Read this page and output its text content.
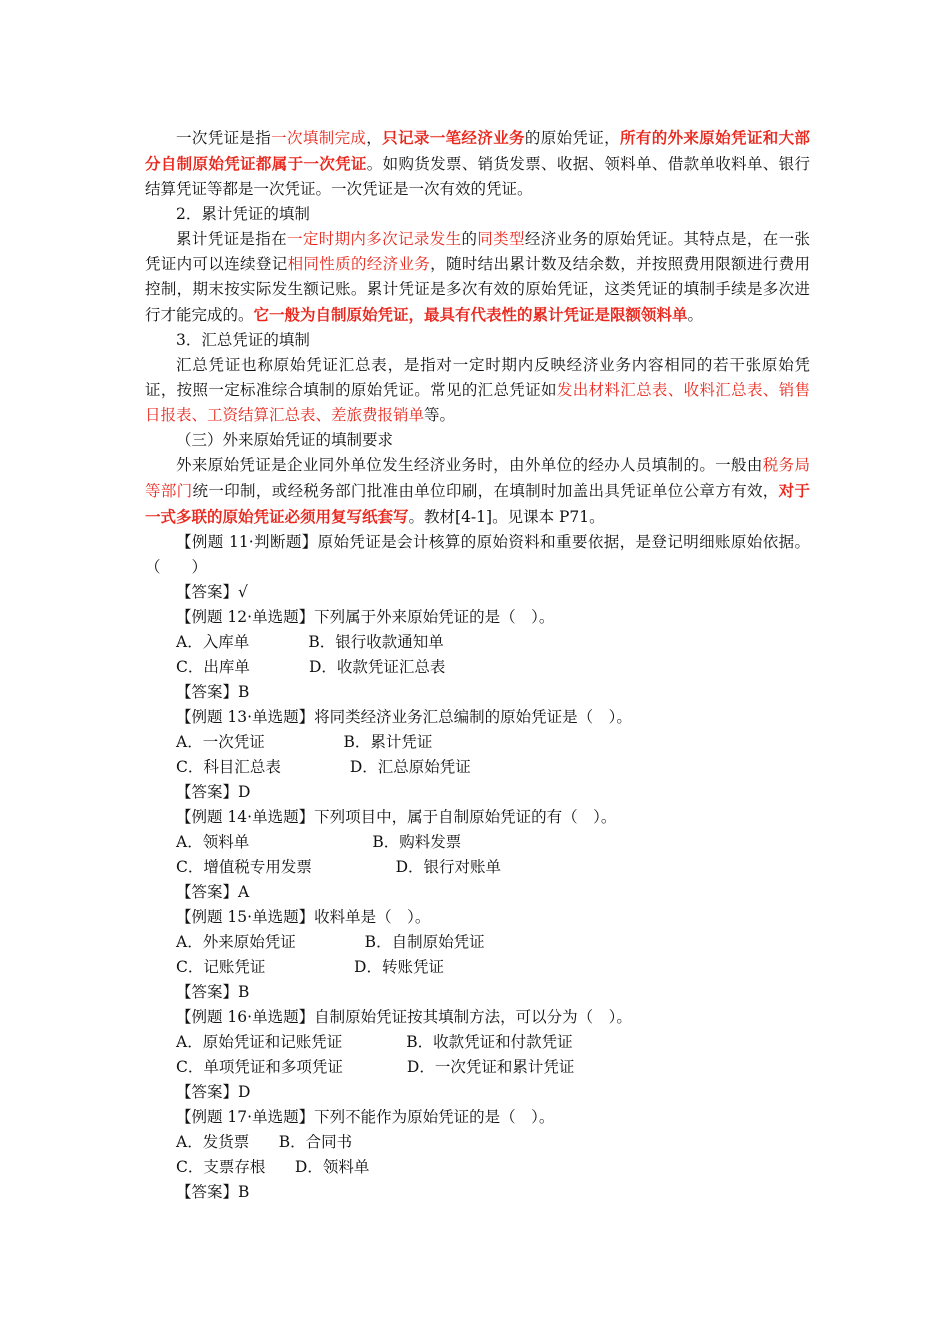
一次凭证是指一次填制完成，只记录一笔经济业务的原始凭证，所有的外来原始凭证和大部分自制原始凭证都属于一次凭证。如购货发票、销货发票、收据、领料单、借款单收料单、银行结算凭证等都是一次凭证。一次凭证是一次有效的凭证。

2．累计凭证的填制

累计凭证是指在一定时期内多次记录发生的同类型经济业务的原始凭证。其特点是，在一张凭证内可以连续登记相同性质的经济业务，随时结出累计数及结余数，并按照费用限额进行费用控制，期末按实际发生额记账。累计凭证是多次有效的原始凭证，这类凭证的填制手续是多次进行才能完成的。它一般为自制原始凭证，最具有代表性的累计凭证是限额领料单。

3．汇总凭证的填制

汇总凭证也称原始凭证汇总表，是指对一定时期内反映经济业务内容相同的若干张原始凭证，按照一定标准综合填制的原始凭证。常见的汇总凭证如发出材料汇总表、收料汇总表、销售日报表、工资结算汇总表、差旅费报销单等。

（三）外来原始凭证的填制要求

外来原始凭证是企业同外单位发生经济业务时，由外单位的经办人员填制的。一般由税务局等部门统一印制，或经税务部门批准由单位印刷，在填制时加盖出具凭证单位公章方有效，对于一式多联的原始凭证必须用复写纸套写。教材[4-1]。见课本 P71。

【例题 11·判断题】原始凭证是会计核算的原始资料和重要依据，是登记明细账原始依据。（　　）

【答案】√

【例题 12·单选题】下列属于外来原始凭证的是（　）。

A．入库单            B．银行收款通知单

C．出库单            D．收款凭证汇总表

【答案】B

【例题 13·单选题】将同类经济业务汇总编制的原始凭证是（　）。

A．一次凭证                B．累计凭证

C．科目汇总表              D．汇总原始凭证

【答案】D

【例题 14·单选题】下列项目中，属于自制原始凭证的有（　）。

A．领料单                         B．购料发票

C．增值税专用发票                 D．银行对账单

【答案】A

【例题 15·单选题】收料单是（　）。

A．外来原始凭证              B．自制原始凭证

C．记账凭证                  D．转账凭证

【答案】B

【例题 16·单选题】自制原始凭证按其填制方法，可以分为（　）。

A．原始凭证和记账凭证             B．收款凭证和付款凭证

C．单项凭证和多项凭证             D．一次凭证和累计凭证

【答案】D

【例题 17·单选题】下列不能作为原始凭证的是（　）。

A．发货票      B．合同书

C．支票存根      D．领料单

【答案】B
